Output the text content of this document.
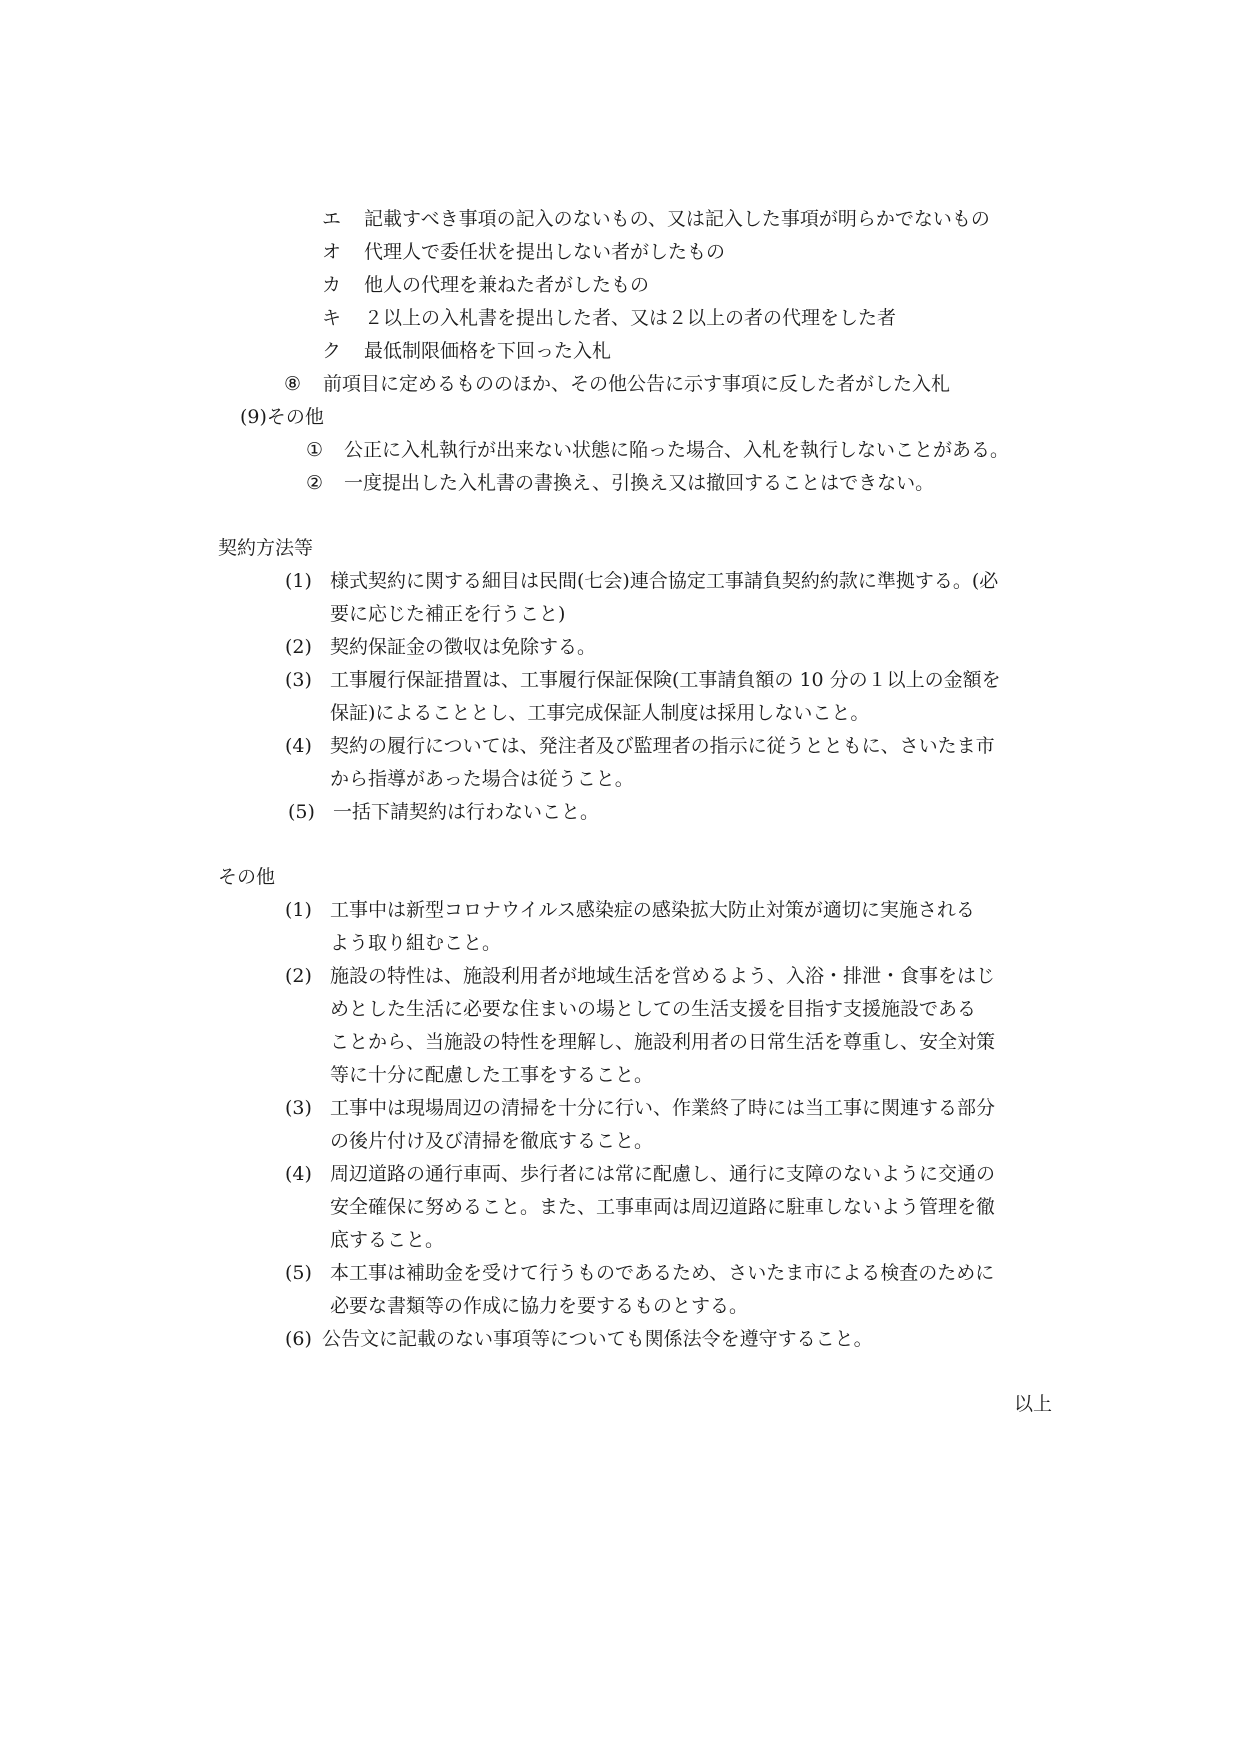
エ 記載すべき事項の記入のないもの、又は記入した事項が明らかでないもの
オ 代理人で委任状を提出しない者がしたもの
カ 他人の代理を兼ねた者がしたもの
キ ２以上の入札書を提出した者、又は２以上の者の代理をした者
ク 最低制限価格を下回った入札
⑧ 前項目に定めるもののほか、その他公告に示す事項に反した者がした入札
(9)その他
① 公正に入札執行が出来ない状態に陥った場合、入札を執行しないことがある。
② 一度提出した入札書の書換え、引換え又は撤回することはできない。
契約方法等
(1) 様式契約に関する細目は民間(七会)連合協定工事請負契約約款に準拠する。(必
要に応じた補正を行うこと)
(2) 契約保証金の徴収は免除する。
(3) 工事履行保証措置は、工事履行保証保険(工事請負額の 10 分の１以上の金額を
保証)によることとし、工事完成保証人制度は採用しないこと。
(4) 契約の履行については、発注者及び監理者の指示に従うとともに、さいたま市
から指導があった場合は従うこと。
(5) 一括下請契約は行わないこと。
その他
(1) 工事中は新型コロナウイルス感染症の感染拡大防止対策が適切に実施される
よう取り組むこと。
(2) 施設の特性は、施設利用者が地域生活を営めるよう、入浴・排泄・食事をはじ
めとした生活に必要な住まいの場としての生活支援を目指す支援施設である
ことから、当施設の特性を理解し、施設利用者の日常生活を尊重し、安全対策
等に十分に配慮した工事をすること。
(3) 工事中は現場周辺の清掃を十分に行い、作業終了時には当工事に関連する部分
の後片付け及び清掃を徹底すること。
(4) 周辺道路の通行車両、歩行者には常に配慮し、通行に支障のないように交通の
安全確保に努めること。また、工事車両は周辺道路に駐車しないよう管理を徹
底すること。
(5) 本工事は補助金を受けて行うものであるため、さいたま市による検査のために
必要な書類等の作成に協力を要するものとする。
(6) 公告文に記載のない事項等についても関係法令を遵守すること。
以上
